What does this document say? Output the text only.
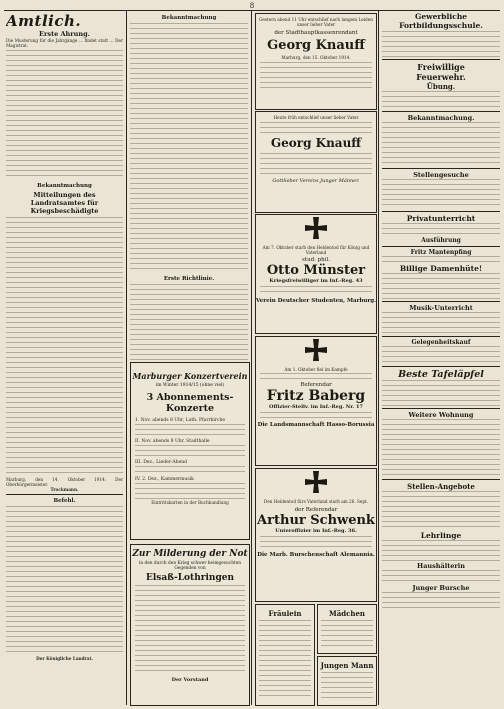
8
Amtlich.
Erste Ahrung.
Die Musterung für die Jahrgänge ... findet statt ... Der Magistrat.
Bekanntmachung
Mitteilungen des Landratsamtes für Kriegsbeschädigte
Marburg, den 14. Oktober 1914. Der Oberbürgermeister.
Trockmann.
Befehl.
Der Königliche Landrat.
Bekanntmachung
Erste Richtlinie.
Marburger Konzertverein
im Winter 1914/15 (ohne viel)
3 Abonnements-Konzerte
1. Nov. abends 8 Uhr, Luth. Pfarrkirche
II. Nov. abends 8 Uhr, Stadthalle
III. Dez., Lieder-Abend
IV. 2. Dez., Kammermusik
Eintrittskarten in der Buchhandlung
Zur Milderung der Not
in den durch den Krieg schwer heimgesuchten Gegenden von
Elsaß-Lothringen
Der Vorstand
Gestern abend 11 Uhr entschlief nach langem Leiden unser lieber Vater
der Stadthauptkassenrendant
Georg Knauff
Marburg, den 15. Oktober 1914.
Heute früh entschlief unser lieber Vater
Georg Knauff
Gottlieber Vereins Junger Männer.
Am 7. Oktober starb den Heldentod für König und Vaterland
stud. phil.
Otto Münster
Kriegsfreiwilliger im Inf.-Reg. 43
Verein Deutscher Studenten, Marburg.
Am 1. Oktober fiel im Kampfe
Referendar
Fritz Baberg
Offizier-Stellv. im Inf.-Reg. Nr. 17
Die Landsmannschaft Hasso-Borussia
Den Heldentod fürs Vaterland starb am 26. Sept.
der Referendar
Arthur Schwenk
Unteroffizier im Inf.-Reg. 36.
Die Marb. Burschenschaft Alemannia.
Fräulein	Mädchen
Jungen Mann
Gewerbliche
Fortbildungsschule.
Freiwillige
Feuerwehr.
Übung.
Bekanntmachung.
Stellengesuche
Privatunterricht
Ausführung
Fritz Mantenpfing
Billige Damenhüte!
Musik-Unterricht
Gelegenheitskauf
Beste Tafeläpfel
Weitere Wohnung
Stellen-Angebote
Lehrlinge
Haushälterin
Junger Bursche
